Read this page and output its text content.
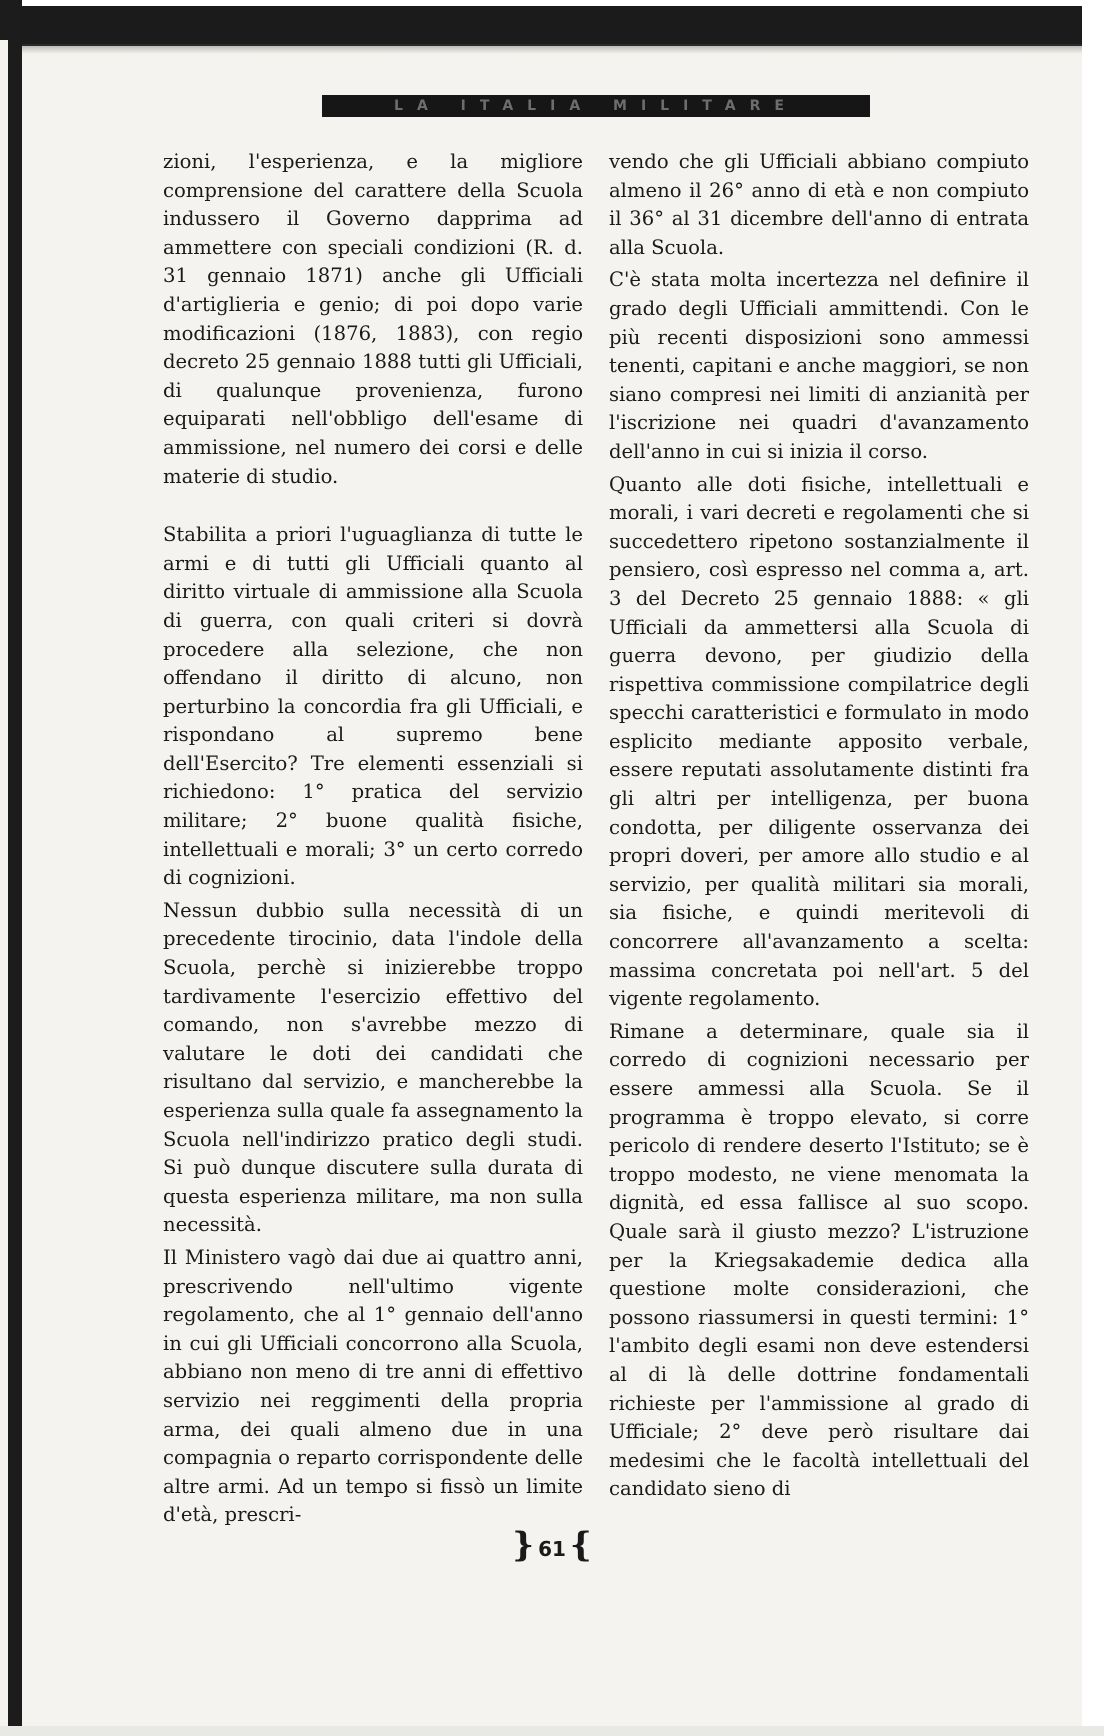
LA ITALIA MILITARE

zioni, l'esperienza, e la migliore comprensione del carattere della Scuola indussero il Governo dapprima ad ammettere con speciali condizioni (R. d. 31 gennaio 1871) anche gli Ufficiali d'artiglieria e genio; di poi dopo varie modificazioni (1876, 1883), con regio decreto 25 gennaio 1888 tutti gli Ufficiali, di qualunque provenienza, furono equiparati nell'obbligo dell'esame di ammissione, nel numero dei corsi e delle materie di studio.

Stabilita a priori l'uguaglianza di tutte le armi e di tutti gli Ufficiali quanto al diritto virtuale di ammissione alla Scuola di guerra, con quali criteri si dovrà procedere alla selezione, che non offendano il diritto di alcuno, non perturbino la concordia fra gli Ufficiali, e rispondano al supremo bene dell'Esercito? Tre elementi essenziali si richiedono: 1° pratica del servizio militare; 2° buone qualità fisiche, intellettuali e morali; 3° un certo corredo di cognizioni.

Nessun dubbio sulla necessità di un precedente tirocinio, data l'indole della Scuola, perchè si inizierebbe troppo tardivamente l'esercizio effettivo del comando, non s'avrebbe mezzo di valutare le doti dei candidati che risultano dal servizio, e mancherebbe la esperienza sulla quale fa assegnamento la Scuola nell'indirizzo pratico degli studi. Si può dunque discutere sulla durata di questa esperienza militare, ma non sulla necessità.

Il Ministero vagò dai due ai quattro anni, prescrivendo nell'ultimo vigente regolamento, che al 1° gennaio dell'anno in cui gli Ufficiali concorrono alla Scuola, abbiano non meno di tre anni di effettivo servizio nei reggimenti della propria arma, dei quali almeno due in una compagnia o reparto corrispondente delle altre armi. Ad un tempo si fissò un limite d'età, prescri-

vendo che gli Ufficiali abbiano compiuto almeno il 26° anno di età e non compiuto il 36° al 31 dicembre dell'anno di entrata alla Scuola.

C'è stata molta incertezza nel definire il grado degli Ufficiali ammittendi. Con le più recenti disposizioni sono ammessi tenenti, capitani e anche maggiori, se non siano compresi nei limiti di anzianità per l'iscrizione nei quadri d'avanzamento dell'anno in cui si inizia il corso.

Quanto alle doti fisiche, intellettuali e morali, i vari decreti e regolamenti che si succedettero ripetono sostanzialmente il pensiero, così espresso nel comma a, art. 3 del Decreto 25 gennaio 1888: « gli Ufficiali da ammettersi alla Scuola di guerra devono, per giudizio della rispettiva commissione compilatrice degli specchi caratteristici e formulato in modo esplicito mediante apposito verbale, essere reputati assolutamente distinti fra gli altri per intelligenza, per buona condotta, per diligente osservanza dei propri doveri, per amore allo studio e al servizio, per qualità militari sia morali, sia fisiche, e quindi meritevoli di concorrere all'avanzamento a scelta: massima concretata poi nell'art. 5 del vigente regolamento.

Rimane a determinare, quale sia il corredo di cognizioni necessario per essere ammessi alla Scuola. Se il programma è troppo elevato, si corre pericolo di rendere deserto l'Istituto; se è troppo modesto, ne viene menomata la dignità, ed essa fallisce al suo scopo. Quale sarà il giusto mezzo? L'istruzione per la Kriegsakademie dedica alla questione molte considerazioni, che possono riassumersi in questi termini: 1° l'ambito degli esami non deve estendersi al di là delle dottrine fondamentali richieste per l'ammissione al grado di Ufficiale; 2° deve però risultare dai medesimi che le facoltà intellettuali del candidato sieno di

} 61 {
